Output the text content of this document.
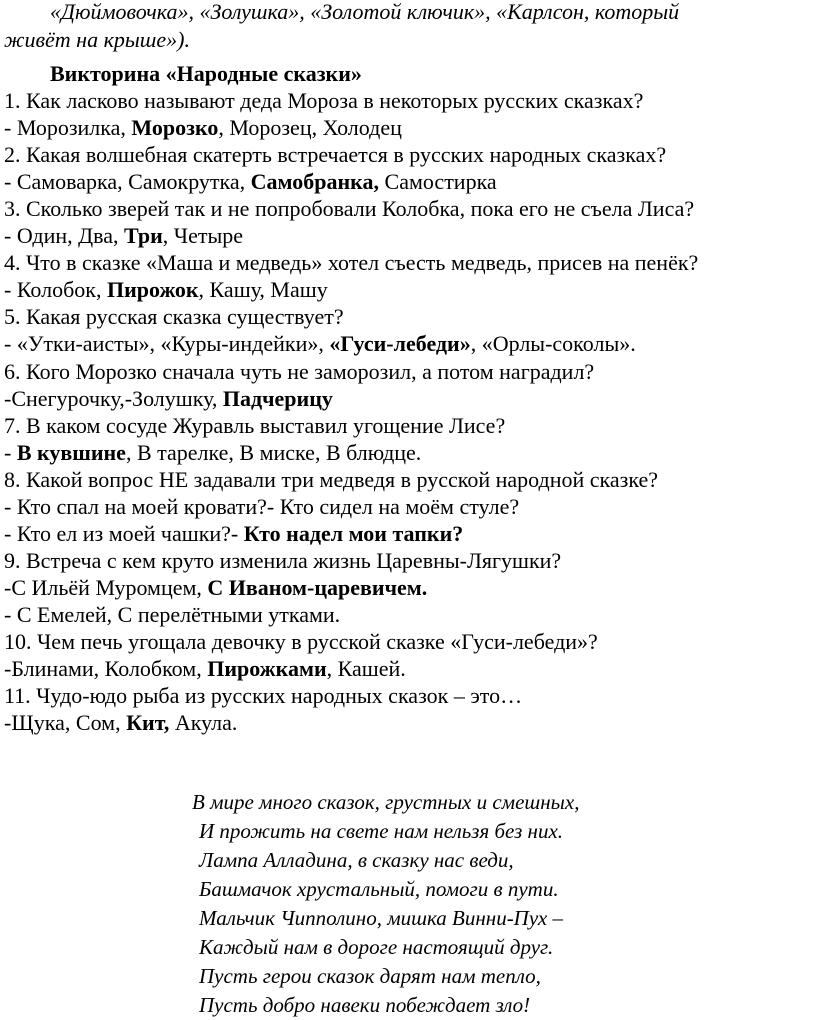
«Дюймовочка», «Золушка», «Золотой ключик», «Карлсон, который
живёт на крыше»).
Викторина «Народные сказки»
1. Как ласково называют деда Мороза в некоторых русских сказках?
- Морозилка, Морозко, Морозец, Холодец
2. Какая волшебная скатерть встречается в русских народных сказках?
- Самоварка, Самокрутка, Самобранка, Самостирка
3. Сколько зверей так и не попробовали Колобка, пока его не съела Лиса?
- Один, Два, Три, Четыре
4. Что в сказке «Маша и медведь» хотел съесть медведь, присев на пенёк?
- Колобок, Пирожок, Кашу, Машу
5. Какая русская сказка существует?
- «Утки-аисты», «Куры-индейки», «Гуси-лебеди», «Орлы-соколы».
6. Кого Морозко сначала чуть не заморозил, а потом наградил?
-Снегурочку,-Золушку, Падчерицу
7. В каком сосуде Журавль выставил угощение Лисе?
- В кувшине, В тарелке, В миске, В блюдце.
8. Какой вопрос НЕ задавали три медведя в русской народной сказке?
- Кто спал на моей кровати?- Кто сидел на моём стуле?
- Кто ел из моей чашки?- Кто надел мои тапки?
9. Встреча с кем круто изменила жизнь Царевны-Лягушки?
-С Ильёй Муромцем, С Иваном-царевичем.
- С Емелей, С перелётными утками.
10. Чем печь угощала девочку в русской сказке «Гуси-лебеди»?
-Блинами, Колобком, Пирожками, Кашей.
11. Чудо-юдо рыба из русских народных сказок – это…
-Щука, Сом, Кит, Акула.
В мире много сказок, грустных и смешных,
И прожить на свете нам нельзя без них.
Лампа Алладина, в сказку нас веди,
Башмачок хрустальный, помоги в пути.
Мальчик Чипполино, мишка Винни-Пух –
Каждый нам в дороге настоящий друг.
Пусть герои сказок дарят нам тепло,
Пусть добро навеки побеждает зло!
